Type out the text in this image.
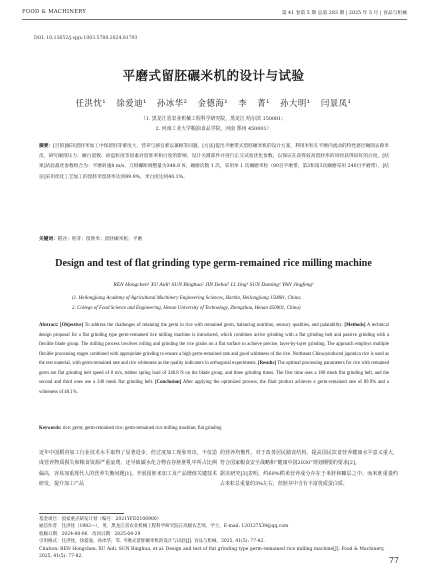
FOOD & MACHINERY	第 41 卷第 5 期 总第 283 期 | 2025 年 5 月 | 食品与机械
DOI: 10.13652/j.spjx.1003.5788.2024.81793
平磨式留胚碾米机的设计与试验
任洪忱¹ 徐爱迪¹ 孙冰华² 金德海¹ 李 菁¹ 孙大明¹ 闫景凤¹
（1. 黑龙江省农业机械工程科学研究院，黑龙江 哈尔滨 150081；
2. 河南工业大学粮油食品学院，河南 郑州 450001）
摘要：[目的]解决留胚米加工中保留胚芽难度大、营养与感官难以兼顾等问题。[方法]提出平磨带式留胚碾米机的设计方案，利用米粒在平磨内流动的特性逐层碾削去除米皮，研究碾削压力、碾白道数、砂盘粒度等因素对留胚率和白度的影响，设计关键部件并进行正交试验优化参数，以保证在获得较高留胚率的同时获得较好的白度。[结果]试验最优参数组合为：平磨转速8 m/s，刀组螺距调整量为348.8 N，碾磨次数 1 次，采用单 1 次碾磨米粒（80目平磨带，第2和第3次碾磨采用 240目平磨带）。[结论]采用优化工艺加工的留胚米留胚率达到89.9%，米白度达到40.1%。
关键词：稻谷；胚芽；留胚米；留胚碾米机；平磨
Design and test of flat grinding type germ-remained rice milling machine
REN Hongchen¹ XU Aidi¹ SUN Binghua² JIN Dehai¹ LI Jing¹ SUN Daming¹ YAN Jingfeng¹
(1. Heilongjiang Academy of Agricultural Machinery Engineering Sciences, Harbin, Heilongjiang 150081, China;
2. College of Food Science and Engineering, Henan University of Technology, Zhengzhou, Henan 450001, China)
Abstract: [Objective] To address the challenges of retaining the germ in rice with remained germ, balancing nutrition, sensory qualities, and palatability. [Methods] A technical design proposal for a flat grinding type germ-remained rice milling machine is introduced, which combines active grinding with a flat grinding belt and passive grinding with a flexible blade group. The milling process involves rolling and grinding the rice grains on a flat surface to achieve precise, layer-by-layer grinding. The approach employs multiple flexible processing stages combined with appropriate grinding to ensure a high germ-remained rate and good whiteness of the rice. Northeast China-produced japonica rice is used as the test material, with germ-remained rate and rice whiteness as the quality indicators in orthogonal experiments. [Results] The optimal processing parameters for rice with remained germ are flat grinding belt speed of 8 m/s, rubber spring load of 348.8 N on the blade group, and three grinding times. The first time uses a 180 mesh flat grinding belt, and the second and third ones use a 240 mesh flat grinding belt. [Conclusion] After applying the optimized process, the final product achieves a germ-remained rate of 89.9% and a whiteness of 40.1%.
Keywords: rice; germ; germ-remained rice; germ-remained rice milling machine; flat grinding
近年中国稻谷加工行业技术水平取得了显著进步，但过度加工现象突出，不仅造成营养物质损失和粮食资源严重浪费，还导致碳水化合物在谷胚胚乳中所占比例偏高，容易加重现代人的营养失衡问题[1]。开展留胚米加工及产品增值关键技术研发，提升加工产品
的营养均衡性，对于改善居民膳食结构、提高国民饮食营养健康水平意义重大，符合国家粮食安全战略和“健康中国2030”规划纲要的要求[2]。
据美研究[3]表明，约60%稻米营养成分存在于米胚和糠层之中，而米胚重量约占米粒总重量的3%左右，但胚芽中含有丰富优质蛋白质、
基金项目：国家重点研发计划（编号：2021YFD2100900）
通信作者：任洪忱（1982—），男，黑龙江省农业机械工程科学研究院正高级农艺师，学士。E-mail: 120127539@qq.com
收稿日期：2024-08-06　改回日期：2025-04-29
引用格式：任洪忱，徐爱迪，孙冰华，等. 平磨式留胚碾米机的设计与试验[J]. 食品与机械，2025, 41(5): 77-82.
Citation: REN Hongchen, XU Aidi, SUN Binghua, et al. Design and test of flat grinding type germ-remained rice milling machine[J]. Food & Machinery, 2025, 41(5): 77-82.	77
